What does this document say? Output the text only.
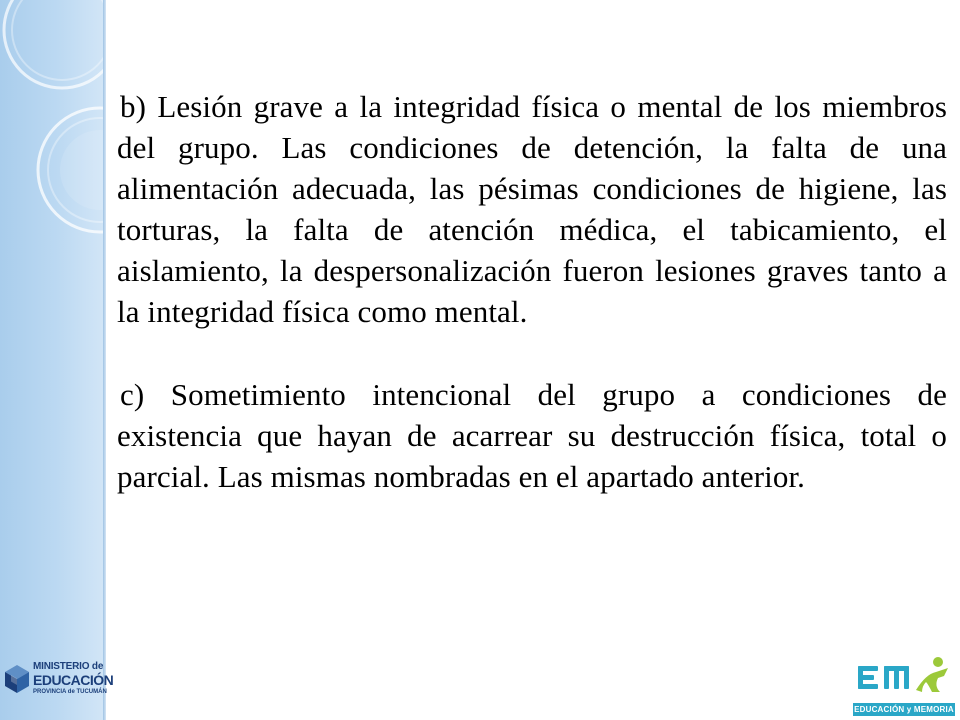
b) Lesión grave a la integridad física o mental de los miembros del grupo. Las condiciones de detención, la falta de una alimentación adecuada, las pésimas condiciones de higiene, las torturas, la falta de atención médica, el tabicamiento, el aislamiento, la despersonalización fueron lesiones graves tanto a la integridad física como mental.

c) Sometimiento intencional del grupo a condiciones de existencia que hayan de acarrear su destrucción física, total o parcial. Las mismas nombradas en el apartado anterior.

MINISTERIO de
EDUCACIÓN
PROVINCIA de TUCUMÁN
EDUCACIÓN y MEMORIA
